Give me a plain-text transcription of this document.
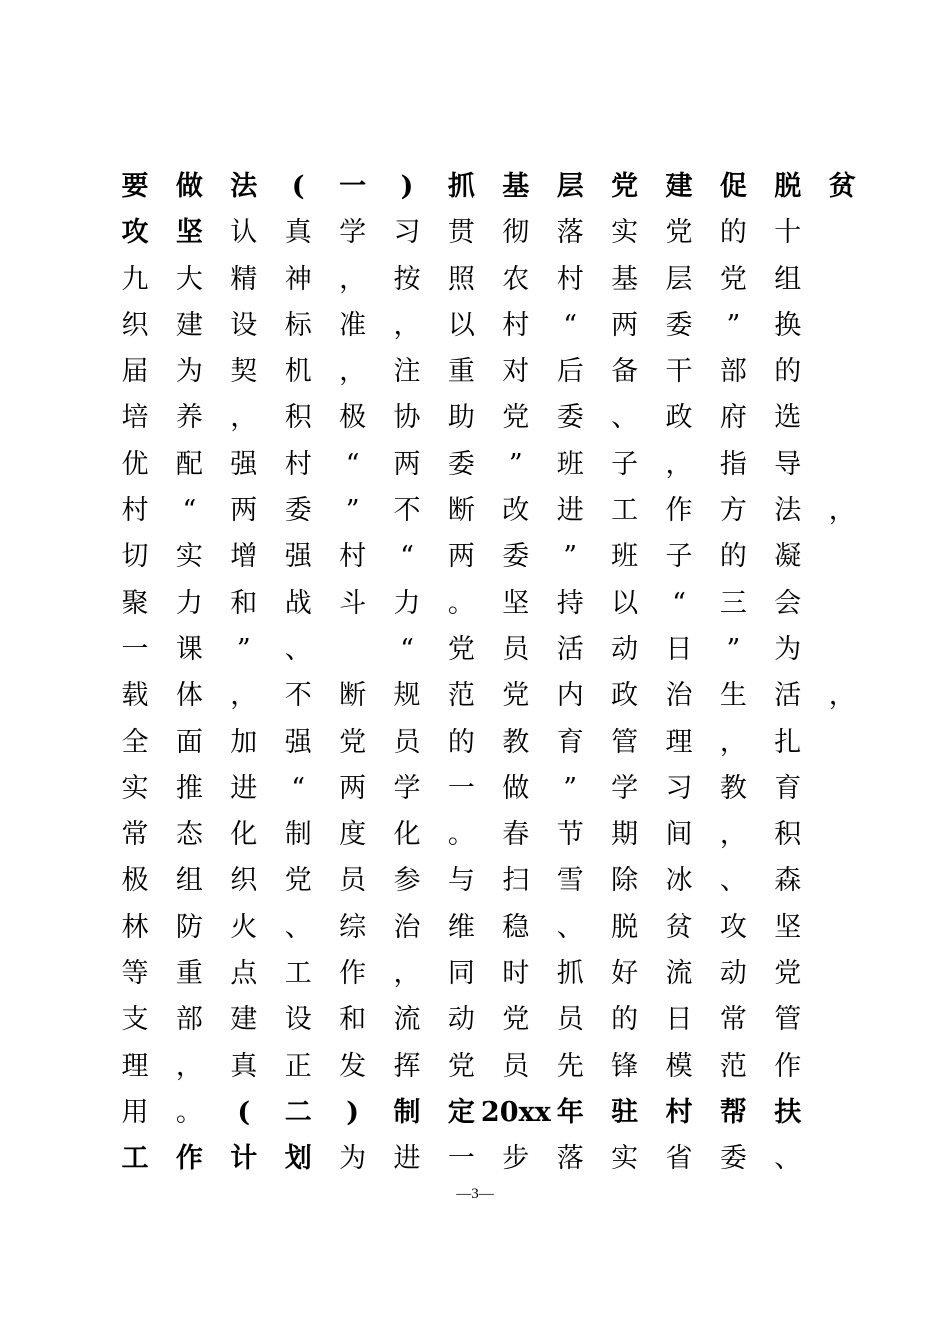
要	做	法	(	一	)	抓	基	层	党	建	促	脱	贫
攻	坚	认	真	学	习	贯	彻	落	实	党	的	十
九	大	精	神	，	按	照	农	村	基	层	党	组
织	建	设	标	准	，	以	村	“	两	委	”	换
届	为	契	机	，	注	重	对	后	备	干	部	的
培	养	，	积	极	协	助	党	委	、	政	府	选
优	配	强	村	“	两	委	”	班	子	，	指	导
村	“	两	委	”	不	断	改	进	工	作	方	法	，
切	实	增	强	村	“	两	委	”	班	子	的	凝
聚	力	和	战	斗	力	。	坚	持	以	“	三	会
一	课	”	、	“	党	员	活	动	日	”	为
载	体	，	不	断	规	范	党	内	政	治	生	活	，
全	面	加	强	党	员	的	教	育	管	理	，	扎
实	推	进	“	两	学	一	做	”	学	习	教	育
常	态	化	制	度	化	。	春	节	期	间	，	积
极	组	织	党	员	参	与	扫	雪	除	冰	、	森
林	防	火	、	综	治	维	稳	、	脱	贫	攻	坚
等	重	点	工	作	，	同	时	抓	好	流	动	党
支	部	建	设	和	流	动	党	员	的	日	常	管
理	，	真	正	发	挥	党	员	先	锋	模	范	作
用	。	(	二	)	制	定 20xx 年	驻	村	帮	扶
工	作	计	划	为	进	一	步	落	实	省	委	、
—3—
